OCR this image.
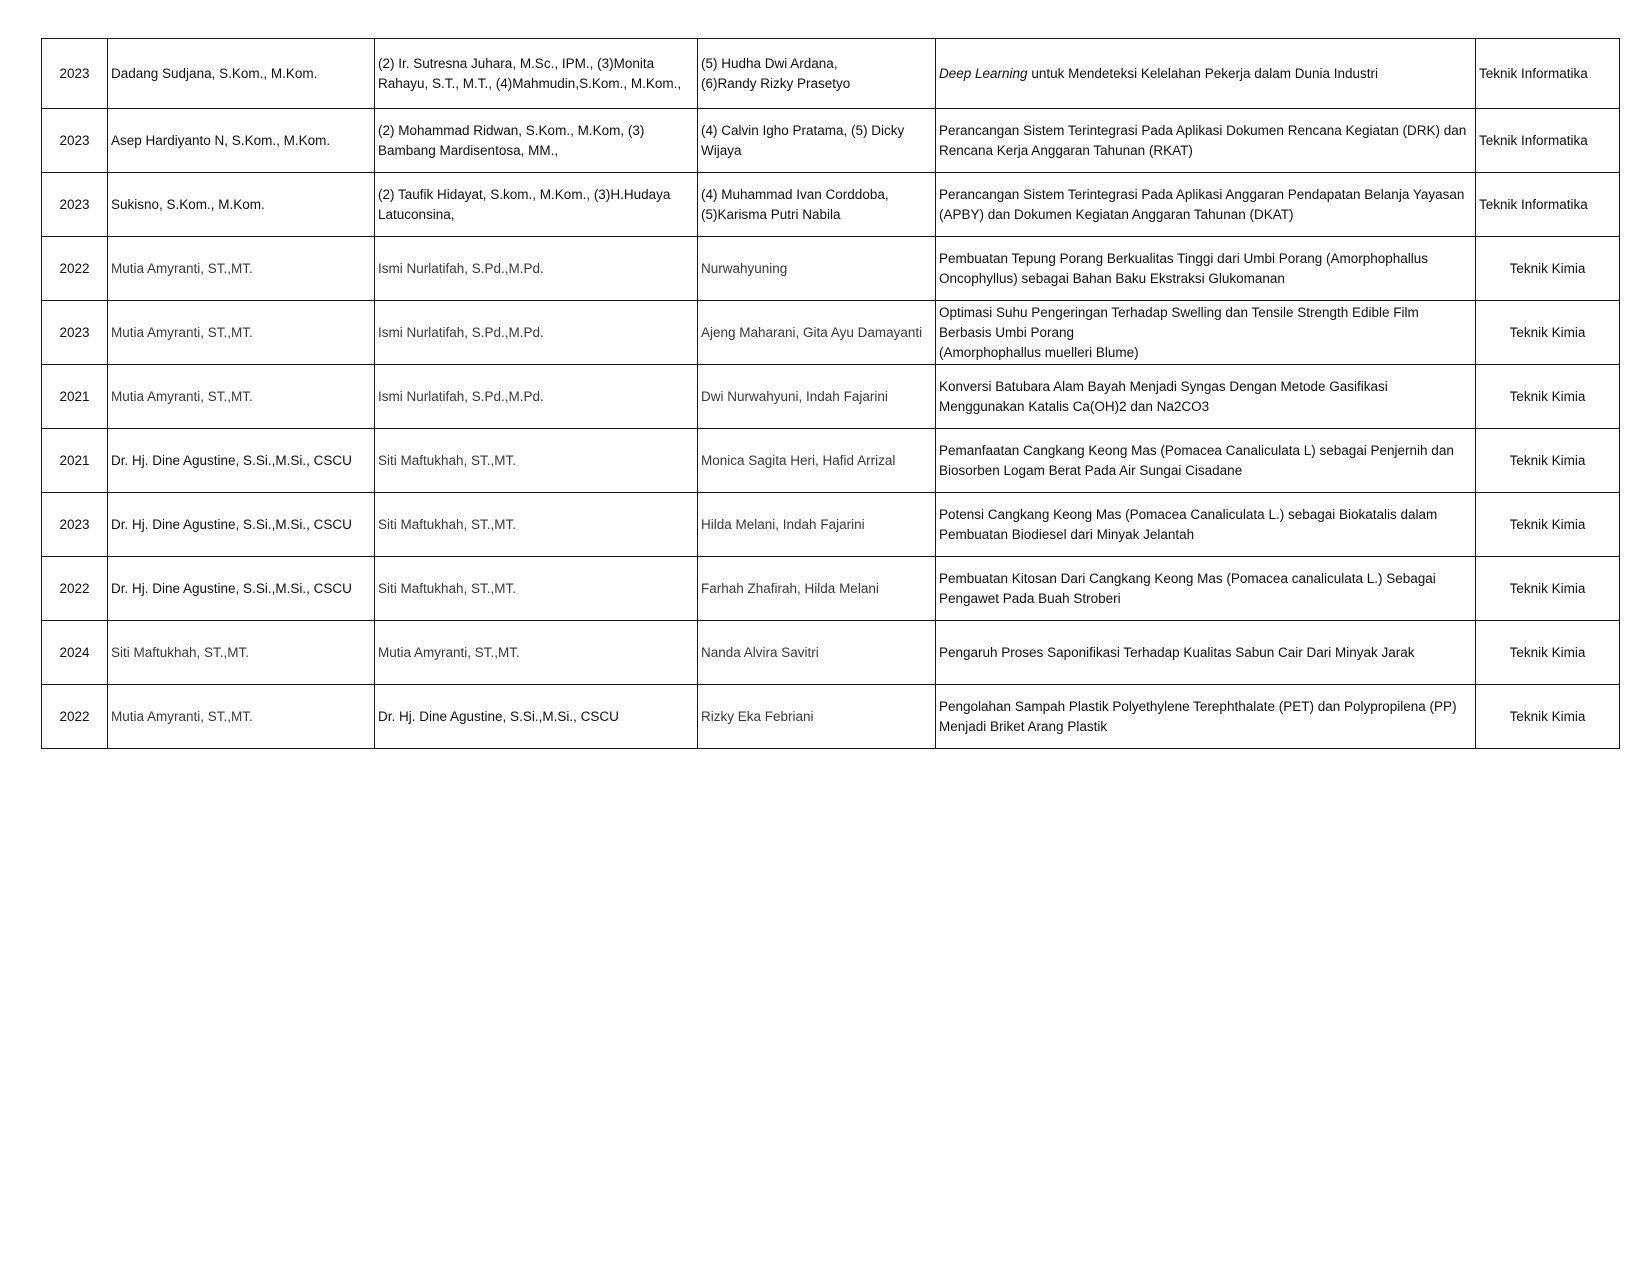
2023	Dadang Sudjana, S.Kom., M.Kom.	(2) Ir. Sutresna Juhara, M.Sc., IPM., (3)Monita Rahayu, S.T., M.T., (4)Mahmudin,S.Kom., M.Kom.,	(5) Hudha Dwi Ardana,
(6)Randy Rizky Prasetyo	Deep Learning untuk Mendeteksi Kelelahan Pekerja dalam Dunia Industri	Teknik Informatika
2023	Asep Hardiyanto N, S.Kom., M.Kom.	(2) Mohammad Ridwan, S.Kom., M.Kom, (3) Bambang Mardisentosa, MM.,	(4) Calvin Igho Pratama, (5) Dicky Wijaya	Perancangan Sistem Terintegrasi Pada Aplikasi Dokumen Rencana Kegiatan (DRK) dan Rencana Kerja Anggaran Tahunan (RKAT)	Teknik Informatika
2023	Sukisno, S.Kom., M.Kom.	(2) Taufik Hidayat, S.kom., M.Kom., (3)H.Hudaya Latuconsina,	(4) Muhammad Ivan Corddoba,
(5)Karisma Putri Nabila	Perancangan Sistem Terintegrasi Pada Aplikasi Anggaran Pendapatan Belanja Yayasan (APBY) dan Dokumen Kegiatan Anggaran Tahunan (DKAT)	Teknik Informatika
2022	Mutia Amyranti, ST.,MT.	Ismi Nurlatifah, S.Pd.,M.Pd.	Nurwahyuning	Pembuatan Tepung Porang Berkualitas Tinggi dari Umbi Porang (Amorphophallus Oncophyllus) sebagai Bahan Baku Ekstraksi Glukomanan	Teknik Kimia
2023	Mutia Amyranti, ST.,MT.	Ismi Nurlatifah, S.Pd.,M.Pd.	Ajeng Maharani, Gita Ayu Damayanti	Optimasi Suhu Pengeringan Terhadap Swelling dan Tensile Strength Edible Film Berbasis Umbi Porang
(Amorphophallus muelleri Blume)	Teknik Kimia
2021	Mutia Amyranti, ST.,MT.	Ismi Nurlatifah, S.Pd.,M.Pd.	Dwi Nurwahyuni, Indah Fajarini	Konversi Batubara Alam Bayah Menjadi Syngas Dengan Metode Gasifikasi Menggunakan Katalis Ca(OH)2 dan Na2CO3	Teknik Kimia
2021	Dr. Hj. Dine Agustine, S.Si.,M.Si., CSCU	Siti Maftukhah, ST.,MT.	Monica Sagita Heri, Hafid Arrizal	Pemanfaatan Cangkang Keong Mas (Pomacea Canaliculata L) sebagai Penjernih dan Biosorben Logam Berat Pada Air Sungai Cisadane	Teknik Kimia
2023	Dr. Hj. Dine Agustine, S.Si.,M.Si., CSCU	Siti Maftukhah, ST.,MT.	Hilda Melani, Indah Fajarini	Potensi Cangkang Keong Mas (Pomacea Canaliculata L.) sebagai Biokatalis dalam Pembuatan Biodiesel dari Minyak Jelantah	Teknik Kimia
2022	Dr. Hj. Dine Agustine, S.Si.,M.Si., CSCU	Siti Maftukhah, ST.,MT.	Farhah Zhafirah, Hilda Melani	Pembuatan Kitosan Dari Cangkang Keong Mas (Pomacea canaliculata L.) Sebagai Pengawet Pada Buah Stroberi	Teknik Kimia
2024	Siti Maftukhah, ST.,MT.	Mutia Amyranti, ST.,MT.	Nanda Alvira Savitri	Pengaruh Proses Saponifikasi Terhadap Kualitas Sabun Cair Dari Minyak Jarak	Teknik Kimia
2022	Mutia Amyranti, ST.,MT.	Dr. Hj. Dine Agustine, S.Si.,M.Si., CSCU	Rizky Eka Febriani	Pengolahan Sampah Plastik Polyethylene Terephthalate (PET) dan Polypropilena (PP) Menjadi Briket Arang Plastik	Teknik Kimia
